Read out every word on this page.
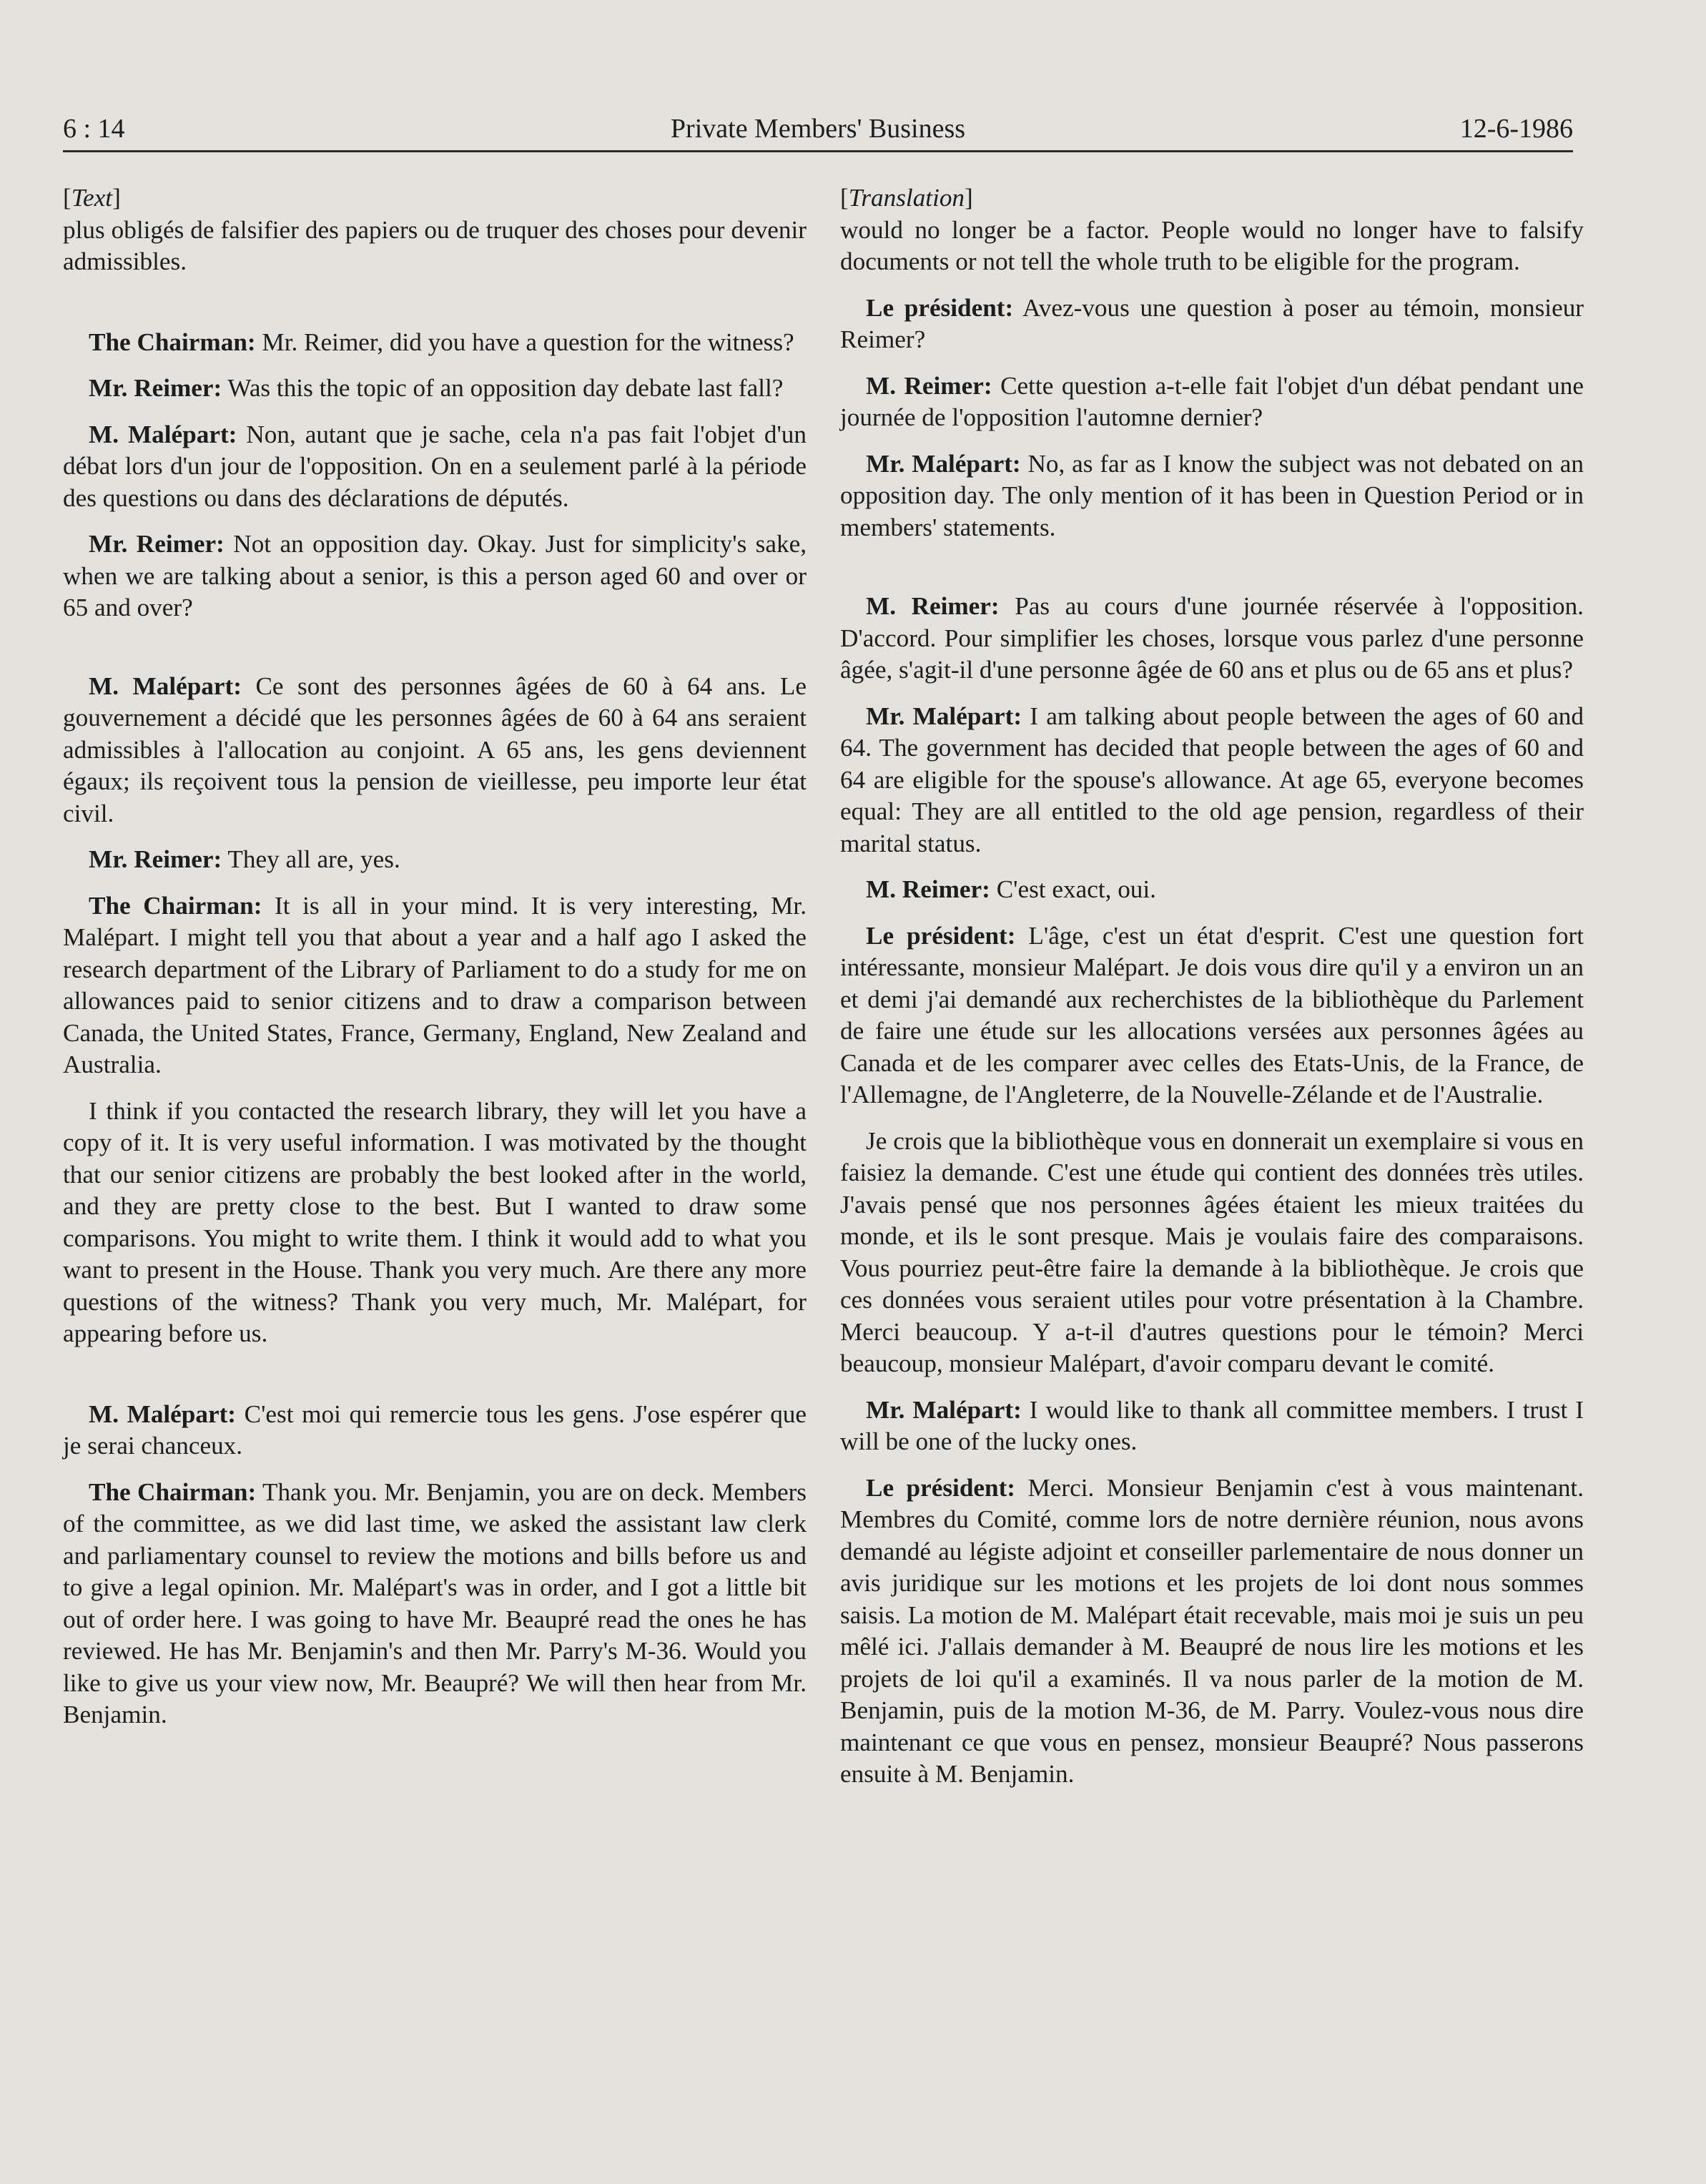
6 : 14	Private Members' Business	12-6-1986
[Text]

plus obligés de falsifier des papiers ou de truquer des choses pour devenir admissibles.

The Chairman: Mr. Reimer, did you have a question for the witness?

Mr. Reimer: Was this the topic of an opposition day debate last fall?

M. Malépart: Non, autant que je sache, cela n'a pas fait l'objet d'un débat lors d'un jour de l'opposition. On en a seulement parlé à la période des questions ou dans des déclarations de députés.

Mr. Reimer: Not an opposition day. Okay. Just for simplicity's sake, when we are talking about a senior, is this a person aged 60 and over or 65 and over?

M. Malépart: Ce sont des personnes âgées de 60 à 64 ans. Le gouvernement a décidé que les personnes âgées de 60 à 64 ans seraient admissibles à l'allocation au conjoint. A 65 ans, les gens deviennent égaux; ils reçoivent tous la pension de vieillesse, peu importe leur état civil.

Mr. Reimer: They all are, yes.

The Chairman: It is all in your mind. It is very interesting, Mr. Malépart. I might tell you that about a year and a half ago I asked the research department of the Library of Parliament to do a study for me on allowances paid to senior citizens and to draw a comparison between Canada, the United States, France, Germany, England, New Zealand and Australia.

I think if you contacted the research library, they will let you have a copy of it. It is very useful information. I was motivated by the thought that our senior citizens are probably the best looked after in the world, and they are pretty close to the best. But I wanted to draw some comparisons. You might to write them. I think it would add to what you want to present in the House. Thank you very much. Are there any more questions of the witness? Thank you very much, Mr. Malépart, for appearing before us.

M. Malépart: C'est moi qui remercie tous les gens. J'ose espérer que je serai chanceux.

The Chairman: Thank you. Mr. Benjamin, you are on deck. Members of the committee, as we did last time, we asked the assistant law clerk and parliamentary counsel to review the motions and bills before us and to give a legal opinion. Mr. Malépart's was in order, and I got a little bit out of order here. I was going to have Mr. Beaupré read the ones he has reviewed. He has Mr. Benjamin's and then Mr. Parry's M-36. Would you like to give us your view now, Mr. Beaupré? We will then hear from Mr. Benjamin.

[Translation]

would no longer be a factor. People would no longer have to falsify documents or not tell the whole truth to be eligible for the program.

Le président: Avez-vous une question à poser au témoin, monsieur Reimer?

M. Reimer: Cette question a-t-elle fait l'objet d'un débat pendant une journée de l'opposition l'automne dernier?

Mr. Malépart: No, as far as I know the subject was not debated on an opposition day. The only mention of it has been in Question Period or in members' statements.

M. Reimer: Pas au cours d'une journée réservée à l'opposition. D'accord. Pour simplifier les choses, lorsque vous parlez d'une personne âgée, s'agit-il d'une personne âgée de 60 ans et plus ou de 65 ans et plus?

Mr. Malépart: I am talking about people between the ages of 60 and 64. The government has decided that people between the ages of 60 and 64 are eligible for the spouse's allowance. At age 65, everyone becomes equal: They are all entitled to the old age pension, regardless of their marital status.

M. Reimer: C'est exact, oui.

Le président: L'âge, c'est un état d'esprit. C'est une question fort intéressante, monsieur Malépart. Je dois vous dire qu'il y a environ un an et demi j'ai demandé aux recherchistes de la bibliothèque du Parlement de faire une étude sur les allocations versées aux personnes âgées au Canada et de les comparer avec celles des Etats-Unis, de la France, de l'Allemagne, de l'Angleterre, de la Nouvelle-Zélande et de l'Australie.

Je crois que la bibliothèque vous en donnerait un exemplaire si vous en faisiez la demande. C'est une étude qui contient des données très utiles. J'avais pensé que nos personnes âgées étaient les mieux traitées du monde, et ils le sont presque. Mais je voulais faire des comparaisons. Vous pourriez peut-être faire la demande à la bibliothèque. Je crois que ces données vous seraient utiles pour votre présentation à la Chambre. Merci beaucoup. Y a-t-il d'autres questions pour le témoin? Merci beaucoup, monsieur Malépart, d'avoir comparu devant le comité.

Mr. Malépart: I would like to thank all committee members. I trust I will be one of the lucky ones.

Le président: Merci. Monsieur Benjamin c'est à vous maintenant. Membres du Comité, comme lors de notre dernière réunion, nous avons demandé au légiste adjoint et conseiller parlementaire de nous donner un avis juridique sur les motions et les projets de loi dont nous sommes saisis. La motion de M. Malépart était recevable, mais moi je suis un peu mêlé ici. J'allais demander à M. Beaupré de nous lire les motions et les projets de loi qu'il a examinés. Il va nous parler de la motion de M. Benjamin, puis de la motion M-36, de M. Parry. Voulez-vous nous dire maintenant ce que vous en pensez, monsieur Beaupré? Nous passerons ensuite à M. Benjamin.
